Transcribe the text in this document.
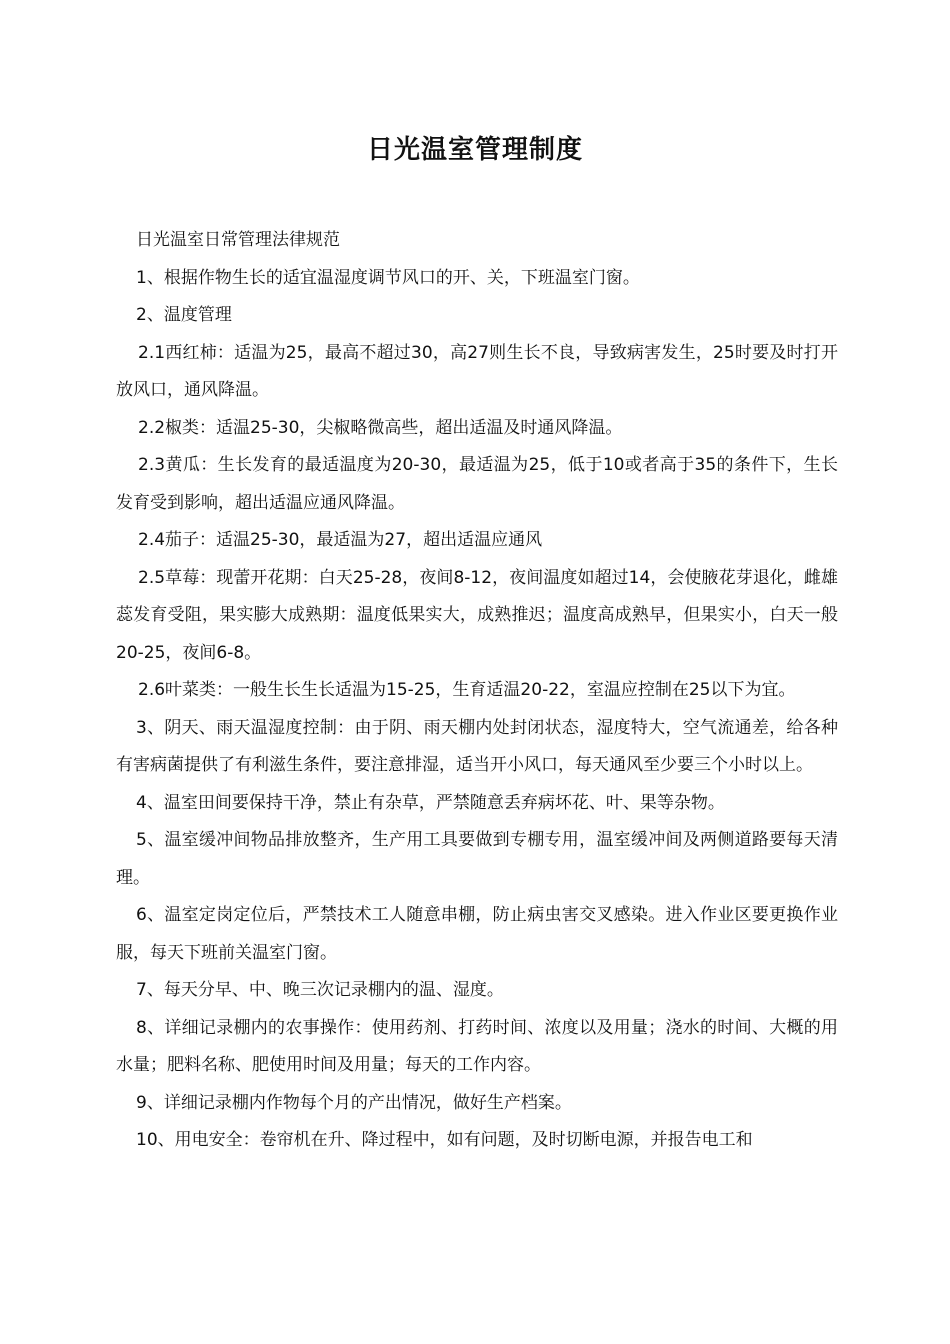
日光温室管理制度

日光温室日常管理法律规范

1、根据作物生长的适宜温湿度调节风口的开、关，下班温室门窗。

2、温度管理

2.1西红柿：适温为25，最高不超过30，高27则生长不良，导致病害发生，25时要及时打开放风口，通风降温。

2.2椒类：适温25-30，尖椒略微高些，超出适温及时通风降温。

2.3黄瓜：生长发育的最适温度为20-30，最适温为25，低于10或者高于35的条件下，生长发育受到影响，超出适温应通风降温。

2.4茄子：适温25-30，最适温为27，超出适温应通风

2.5草莓：现蕾开花期：白天25-28，夜间8-12，夜间温度如超过14，会使腋花芽退化，雌雄蕊发育受阻，果实膨大成熟期：温度低果实大，成熟推迟；温度高成熟早，但果实小，白天一般20-25，夜间6-8。

2.6叶菜类：一般生长生长适温为15-25，生育适温20-22，室温应控制在25以下为宜。

3、阴天、雨天温湿度控制：由于阴、雨天棚内处封闭状态，湿度特大，空气流通差，给各种有害病菌提供了有利滋生条件，要注意排湿，适当开小风口，每天通风至少要三个小时以上。

4、温室田间要保持干净，禁止有杂草，严禁随意丢弃病坏花、叶、果等杂物。

5、温室缓冲间物品排放整齐，生产用工具要做到专棚专用，温室缓冲间及两侧道路要每天清理。

6、温室定岗定位后，严禁技术工人随意串棚，防止病虫害交叉感染。进入作业区要更换作业服，每天下班前关温室门窗。

7、每天分早、中、晚三次记录棚内的温、湿度。

8、详细记录棚内的农事操作：使用药剂、打药时间、浓度以及用量；浇水的时间、大概的用水量；肥料名称、肥使用时间及用量；每天的工作内容。

9、详细记录棚内作物每个月的产出情况，做好生产档案。

10、用电安全：卷帘机在升、降过程中，如有问题，及时切断电源，并报告电工和
